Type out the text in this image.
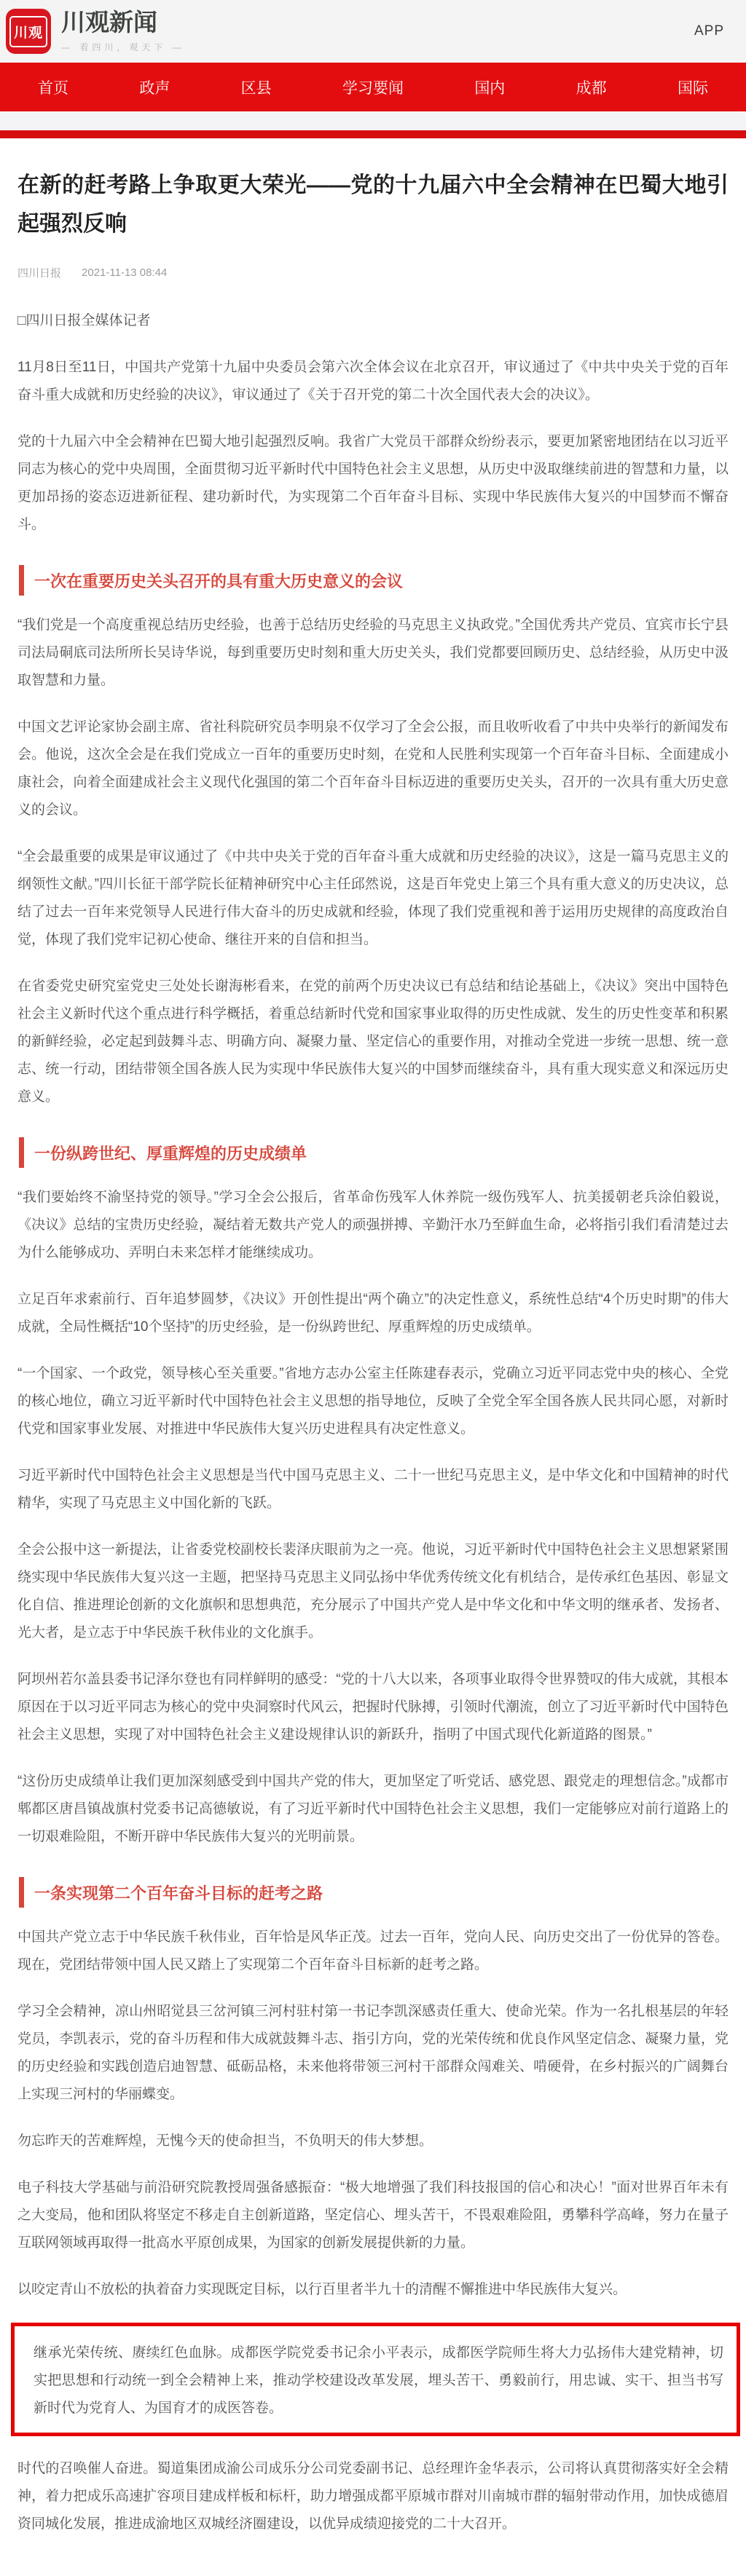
川观 川观新闻
— 看四川，观天下 —
APP
首页	政声	区县	学习要闻	国内	成都	国际
在新的赶考路上争取更大荣光——党的十九届六中全会精神在巴蜀大地引起强烈反响
四川日报 2021-11-13 08:44

□四川日报全媒体记者

11月8日至11日，中国共产党第十九届中央委员会第六次全体会议在北京召开，审议通过了《中共中央关于党的百年奋斗重大成就和历史经验的决议》，审议通过了《关于召开党的第二十次全国代表大会的决议》。

党的十九届六中全会精神在巴蜀大地引起强烈反响。我省广大党员干部群众纷纷表示，要更加紧密地团结在以习近平同志为核心的党中央周围，全面贯彻习近平新时代中国特色社会主义思想，从历史中汲取继续前进的智慧和力量，以更加昂扬的姿态迈进新征程、建功新时代，为实现第二个百年奋斗目标、实现中华民族伟大复兴的中国梦而不懈奋斗。

一次在重要历史关头召开的具有重大历史意义的会议

“我们党是一个高度重视总结历史经验，也善于总结历史经验的马克思主义执政党。”全国优秀共产党员、宜宾市长宁县司法局硐底司法所所长吴诗华说，每到重要历史时刻和重大历史关头，我们党都要回顾历史、总结经验，从历史中汲取智慧和力量。

中国文艺评论家协会副主席、省社科院研究员李明泉不仅学习了全会公报，而且收听收看了中共中央举行的新闻发布会。他说，这次全会是在我们党成立一百年的重要历史时刻，在党和人民胜利实现第一个百年奋斗目标、全面建成小康社会，向着全面建成社会主义现代化强国的第二个百年奋斗目标迈进的重要历史关头，召开的一次具有重大历史意义的会议。

“全会最重要的成果是审议通过了《中共中央关于党的百年奋斗重大成就和历史经验的决议》，这是一篇马克思主义的纲领性文献。”四川长征干部学院长征精神研究中心主任邱然说，这是百年党史上第三个具有重大意义的历史决议，总结了过去一百年来党领导人民进行伟大奋斗的历史成就和经验，体现了我们党重视和善于运用历史规律的高度政治自觉，体现了我们党牢记初心使命、继往开来的自信和担当。

在省委党史研究室党史三处处长谢海彬看来，在党的前两个历史决议已有总结和结论基础上，《决议》突出中国特色社会主义新时代这个重点进行科学概括，着重总结新时代党和国家事业取得的历史性成就、发生的历史性变革和积累的新鲜经验，必定起到鼓舞斗志、明确方向、凝聚力量、坚定信心的重要作用，对推动全党进一步统一思想、统一意志、统一行动，团结带领全国各族人民为实现中华民族伟大复兴的中国梦而继续奋斗，具有重大现实意义和深远历史意义。

一份纵跨世纪、厚重辉煌的历史成绩单

“我们要始终不渝坚持党的领导。”学习全会公报后，省革命伤残军人休养院一级伤残军人、抗美援朝老兵涂伯毅说，《决议》总结的宝贵历史经验，凝结着无数共产党人的顽强拼搏、辛勤汗水乃至鲜血生命，必将指引我们看清楚过去为什么能够成功、弄明白未来怎样才能继续成功。

立足百年求索前行、百年追梦圆梦，《决议》开创性提出“两个确立”的决定性意义，系统性总结“4个历史时期”的伟大成就，全局性概括“10个坚持”的历史经验，是一份纵跨世纪、厚重辉煌的历史成绩单。

“一个国家、一个政党，领导核心至关重要。”省地方志办公室主任陈建春表示，党确立习近平同志党中央的核心、全党的核心地位，确立习近平新时代中国特色社会主义思想的指导地位，反映了全党全军全国各族人民共同心愿，对新时代党和国家事业发展、对推进中华民族伟大复兴历史进程具有决定性意义。

习近平新时代中国特色社会主义思想是当代中国马克思主义、二十一世纪马克思主义，是中华文化和中国精神的时代精华，实现了马克思主义中国化新的飞跃。

全会公报中这一新提法，让省委党校副校长裴泽庆眼前为之一亮。他说，习近平新时代中国特色社会主义思想紧紧围绕实现中华民族伟大复兴这一主题，把坚持马克思主义同弘扬中华优秀传统文化有机结合，是传承红色基因、彰显文化自信、推进理论创新的文化旗帜和思想典范，充分展示了中国共产党人是中华文化和中华文明的继承者、发扬者、光大者，是立志于中华民族千秋伟业的文化旗手。

阿坝州若尔盖县委书记泽尔登也有同样鲜明的感受：“党的十八大以来，各项事业取得令世界赞叹的伟大成就，其根本原因在于以习近平同志为核心的党中央洞察时代风云，把握时代脉搏，引领时代潮流，创立了习近平新时代中国特色社会主义思想，实现了对中国特色社会主义建设规律认识的新跃升，指明了中国式现代化新道路的图景。”

“这份历史成绩单让我们更加深刻感受到中国共产党的伟大，更加坚定了听党话、感党恩、跟党走的理想信念。”成都市郫都区唐昌镇战旗村党委书记高德敏说，有了习近平新时代中国特色社会主义思想，我们一定能够应对前行道路上的一切艰难险阻，不断开辟中华民族伟大复兴的光明前景。

一条实现第二个百年奋斗目标的赶考之路

中国共产党立志于中华民族千秋伟业，百年恰是风华正茂。过去一百年，党向人民、向历史交出了一份优异的答卷。现在，党团结带领中国人民又踏上了实现第二个百年奋斗目标新的赶考之路。

学习全会精神，凉山州昭觉县三岔河镇三河村驻村第一书记李凯深感责任重大、使命光荣。作为一名扎根基层的年轻党员，李凯表示，党的奋斗历程和伟大成就鼓舞斗志、指引方向，党的光荣传统和优良作风坚定信念、凝聚力量，党的历史经验和实践创造启迪智慧、砥砺品格，未来他将带领三河村干部群众闯难关、啃硬骨，在乡村振兴的广阔舞台上实现三河村的华丽蝶变。

勿忘昨天的苦难辉煌，无愧今天的使命担当，不负明天的伟大梦想。

电子科技大学基础与前沿研究院教授周强备感振奋：“极大地增强了我们科技报国的信心和决心！”面对世界百年未有之大变局，他和团队将坚定不移走自主创新道路，坚定信心、埋头苦干，不畏艰难险阻，勇攀科学高峰，努力在量子互联网领域再取得一批高水平原创成果，为国家的创新发展提供新的力量。

以咬定青山不放松的执着奋力实现既定目标，以行百里者半九十的清醒不懈推进中华民族伟大复兴。

继承光荣传统、赓续红色血脉。成都医学院党委书记余小平表示，成都医学院师生将大力弘扬伟大建党精神，切实把思想和行动统一到全会精神上来，推动学校建设改革发展，埋头苦干、勇毅前行，用忠诚、实干、担当书写新时代为党育人、为国育才的成医答卷。

时代的召唤催人奋进。蜀道集团成渝公司成乐分公司党委副书记、总经理许金华表示，公司将认真贯彻落实好全会精神，着力把成乐高速扩容项目建成样板和标杆，助力增强成都平原城市群对川南城市群的辐射带动作用，加快成德眉资同城化发展，推进成渝地区双城经济圈建设，以优异成绩迎接党的二十大召开。
